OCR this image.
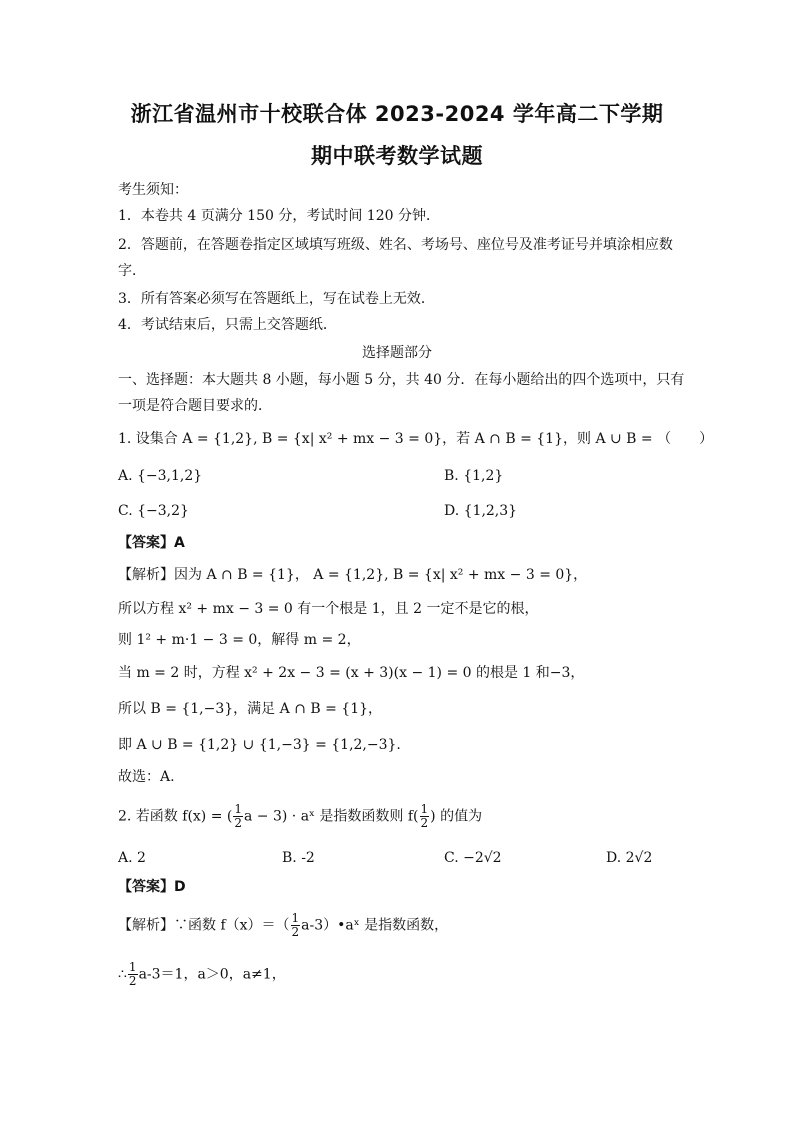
浙江省温州市十校联合体 2023-2024 学年高二下学期
期中联考数学试题
考生须知：
1．本卷共 4 页满分 150 分，考试时间 120 分钟．
2．答题前，在答题卷指定区域填写班级、姓名、考场号、座位号及准考证号并填涂相应数
字．
3．所有答案必须写在答题纸上，写在试卷上无效．
4．考试结束后，只需上交答题纸．
选择题部分
一、选择题：本大题共 8 小题，每小题 5 分，共 40 分．在每小题给出的四个选项中，只有
一项是符合题目要求的．
1. 设集合 A = {1,2}, B = {x| x² + mx − 3 = 0}，若 A ∩ B = {1}，则 A ∪ B = （　　）
A. {−3,1,2}	B. {1,2}
C. {−3,2}	D. {1,2,3}
【答案】A
【解析】因为 A ∩ B = {1}， A = {1,2}, B = {x| x² + mx − 3 = 0}，
所以方程 x² + mx − 3 = 0 有一个根是 1，且 2 一定不是它的根，
则 1² + m·1 − 3 = 0，解得 m = 2，
当 m = 2 时，方程 x² + 2x − 3 = (x + 3)(x − 1) = 0 的根是 1 和−3，
所以 B = {1,−3}，满足 A ∩ B = {1}，
即 A ∪ B = {1,2} ∪ {1,−3} = {1,2,−3}.
故选：A.
2. 若函数 f(x) = ( $\frac{1}{2}$ a − 3) · aˣ 是指数函数则 $f( \frac{1}{2}$ ) 的值为
A. 2	B. -2	C. −2√2	D. 2√2
【答案】D
【解析】∵函数 $f(x)=( \frac{1}{2}$ a-3）•aˣ 是指数函数，
∴ $\frac{1}{2} a-3=1$，a＞0，a≠1，
